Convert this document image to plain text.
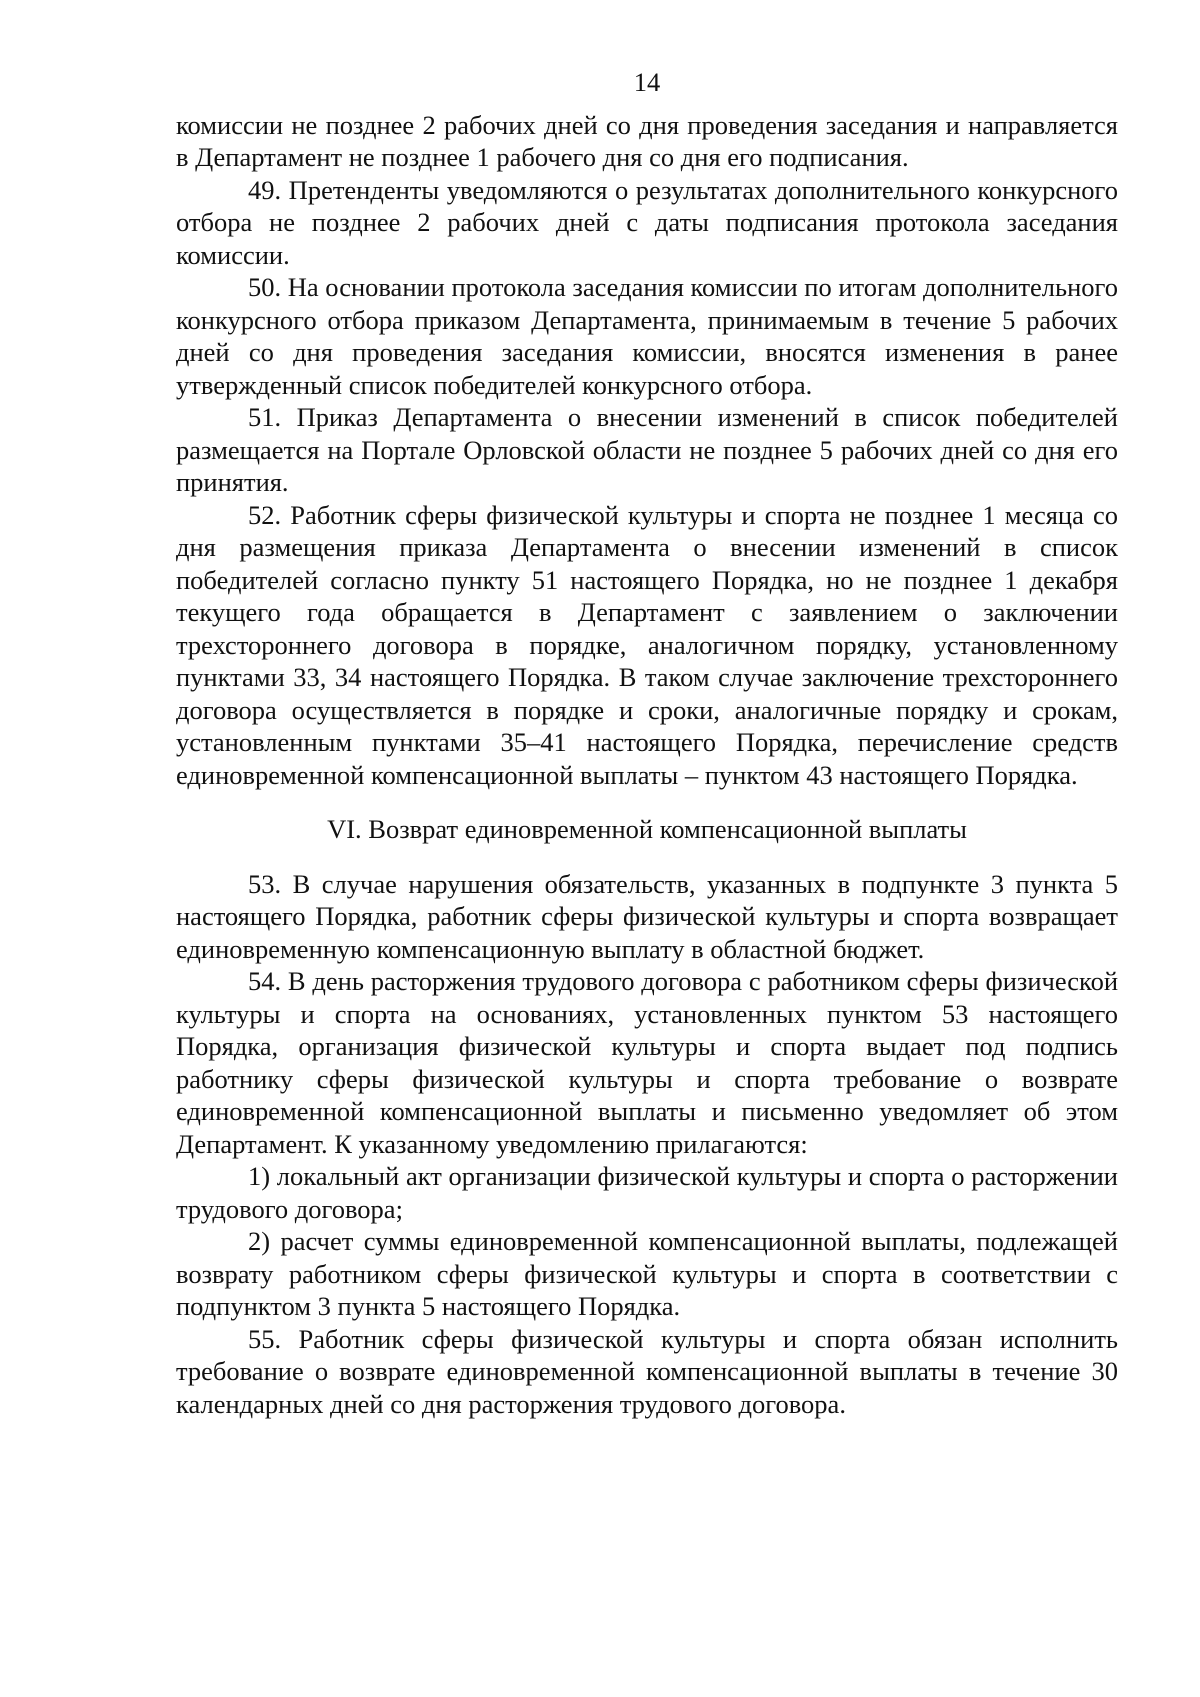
14

комиссии не позднее 2 рабочих дней со дня проведения заседания и направляется в Департамент не позднее 1 рабочего дня со дня его подписания.

49. Претенденты уведомляются о результатах дополнительного конкурсного отбора не позднее 2 рабочих дней с даты подписания протокола заседания комиссии.

50. На основании протокола заседания комиссии по итогам дополнительного конкурсного отбора приказом Департамента, принимаемым в течение 5 рабочих дней со дня проведения заседания комиссии, вносятся изменения в ранее утвержденный список победителей конкурсного отбора.

51. Приказ Департамента о внесении изменений в список победителей размещается на Портале Орловской области не позднее 5 рабочих дней со дня его принятия.

52. Работник сферы физической культуры и спорта не позднее 1 месяца со дня размещения приказа Департамента о внесении изменений в список победителей согласно пункту 51 настоящего Порядка, но не позднее 1 декабря текущего года обращается в Департамент с заявлением о заключении трехстороннего договора в порядке, аналогичном порядку, установленному пунктами 33, 34 настоящего Порядка. В таком случае заключение трехстороннего договора осуществляется в порядке и сроки, аналогичные порядку и срокам, установленным пунктами 35–41 настоящего Порядка, перечисление средств единовременной компенсационной выплаты – пунктом 43 настоящего Порядка.

VI. Возврат единовременной компенсационной выплаты

53. В случае нарушения обязательств, указанных в подпункте 3 пункта 5 настоящего Порядка, работник сферы физической культуры и спорта возвращает единовременную компенсационную выплату в областной бюджет.

54. В день расторжения трудового договора с работником сферы физической культуры и спорта на основаниях, установленных пунктом 53 настоящего Порядка, организация физической культуры и спорта выдает под подпись работнику сферы физической культуры и спорта требование о возврате единовременной компенсационной выплаты и письменно уведомляет об этом Департамент. К указанному уведомлению прилагаются:

1) локальный акт организации физической культуры и спорта о расторжении трудового договора;

2) расчет суммы единовременной компенсационной выплаты, подлежащей возврату работником сферы физической культуры и спорта в соответствии с подпунктом 3 пункта 5 настоящего Порядка.

55. Работник сферы физической культуры и спорта обязан исполнить требование о возврате единовременной компенсационной выплаты в течение 30 календарных дней со дня расторжения трудового договора.
